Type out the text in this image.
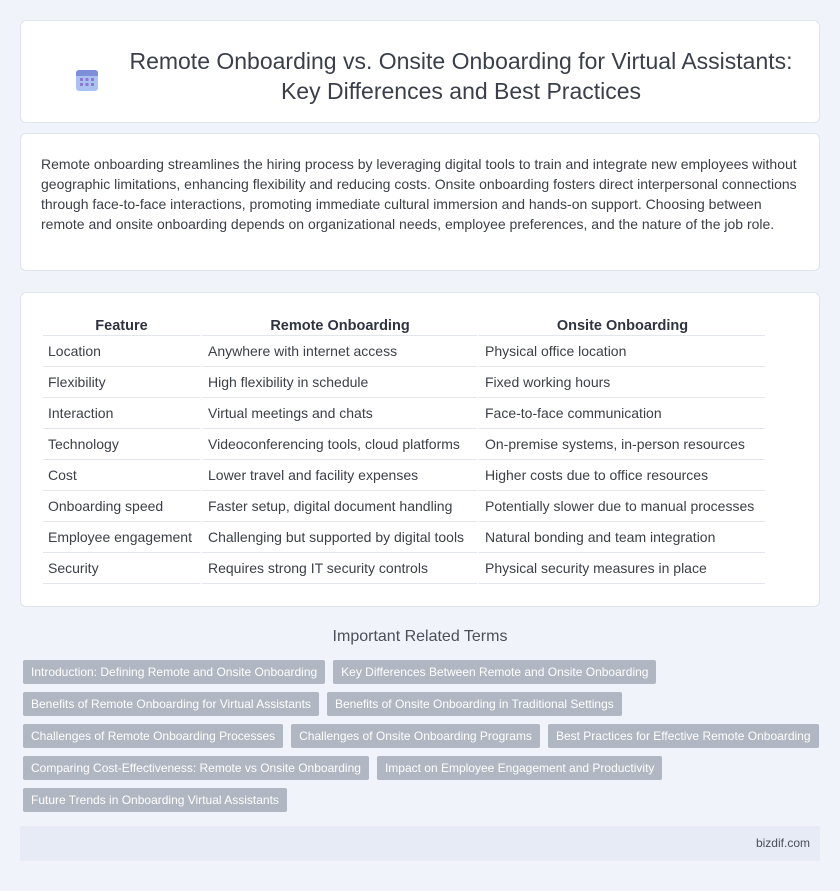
Remote Onboarding vs. Onsite Onboarding for Virtual Assistants:
Key Differences and Best Practices

Remote onboarding streamlines the hiring process by leveraging digital tools to train and integrate new employees without geographic limitations, enhancing flexibility and reducing costs. Onsite onboarding fosters direct interpersonal connections through face-to-face interactions, promoting immediate cultural immersion and hands-on support. Choosing between remote and onsite onboarding depends on organizational needs, employee preferences, and the nature of the job role.

Feature	Remote Onboarding	Onsite Onboarding
Location	Anywhere with internet access	Physical office location
Flexibility	High flexibility in schedule	Fixed working hours
Interaction	Virtual meetings and chats	Face-to-face communication
Technology	Videoconferencing tools, cloud platforms	On-premise systems, in-person resources
Cost	Lower travel and facility expenses	Higher costs due to office resources
Onboarding speed	Faster setup, digital document handling	Potentially slower due to manual processes
Employee engagement	Challenging but supported by digital tools	Natural bonding and team integration
Security	Requires strong IT security controls	Physical security measures in place
Important Related Terms
Introduction: Defining Remote and Onsite Onboarding	Key Differences Between Remote and Onsite Onboarding
Benefits of Remote Onboarding for Virtual Assistants	Benefits of Onsite Onboarding in Traditional Settings
Challenges of Remote Onboarding Processes	Challenges of Onsite Onboarding Programs	Best Practices for Effective Remote Onboarding
Comparing Cost-Effectiveness: Remote vs Onsite Onboarding	Impact on Employee Engagement and Productivity
Future Trends in Onboarding Virtual Assistants
bizdif.com
